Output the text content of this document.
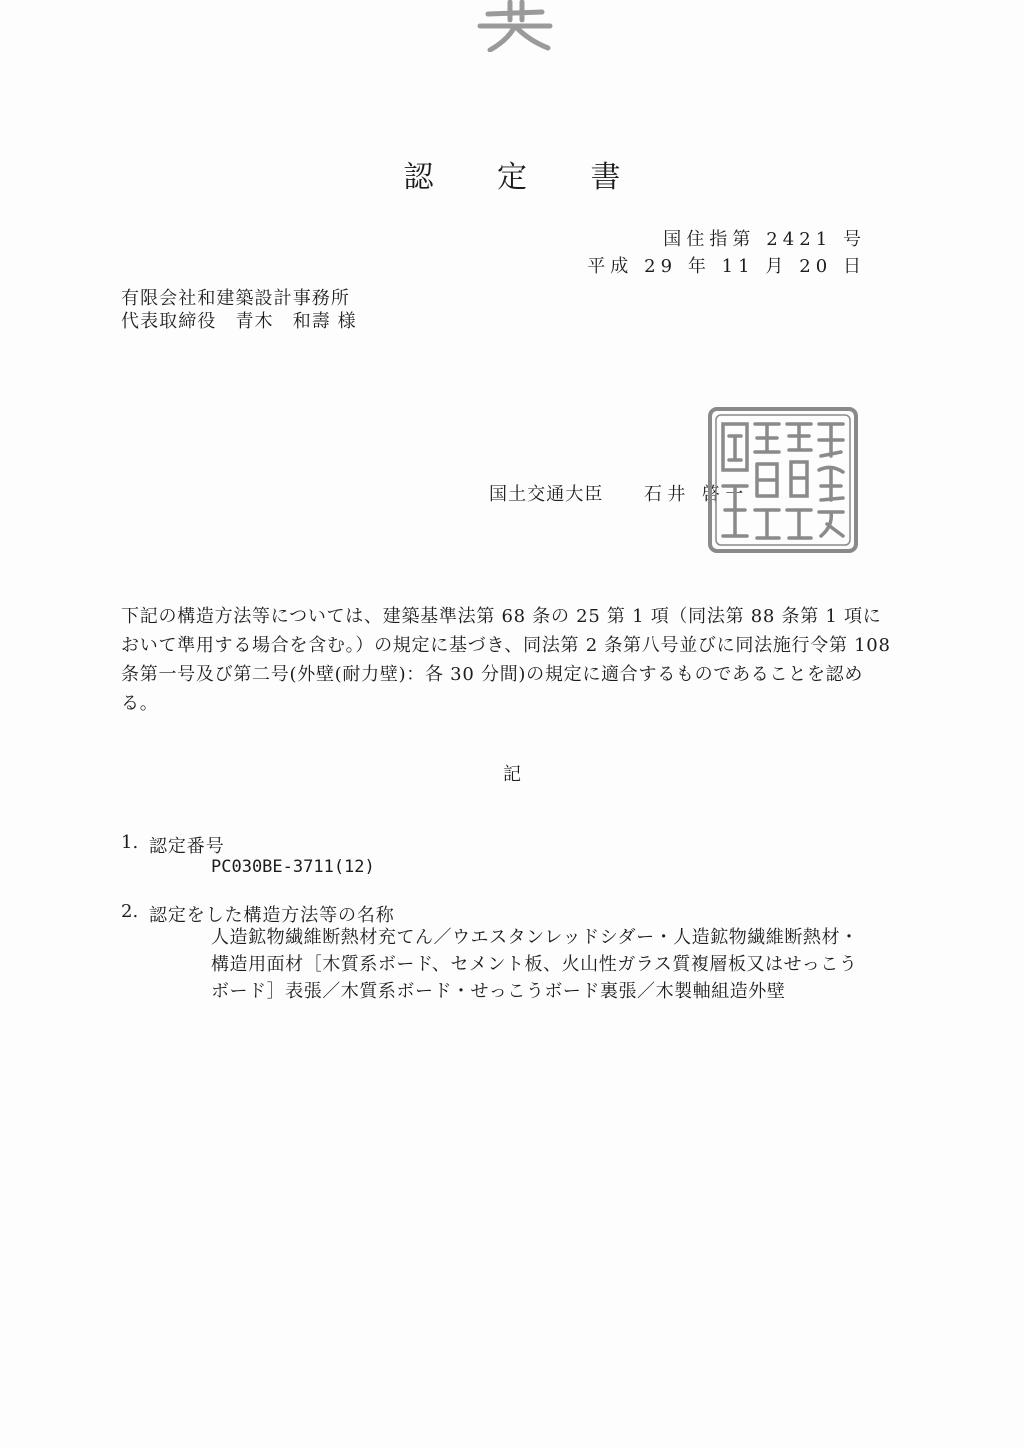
認 定 書
国住指第 2421 号
平成 29 年 11 月 20 日
有限会社和建築設計事務所
代表取締役　青木　和壽 様
国土交通大臣 石井 啓一
下記の構造方法等については、建築基準法第 68 条の 25 第 1 項（同法第 88 条第 1 項において準用する場合を含む。）の規定に基づき、同法第 2 条第八号並びに同法施行令第 108 条第一号及び第二号(外壁(耐力壁)：各 30 分間)の規定に適合するものであることを認める。
記
1. 認定番号
PC030BE-3711(12)
2. 認定をした構造方法等の名称
人造鉱物繊維断熱材充てん／ウエスタンレッドシダー・人造鉱物繊維断熱材・構造用面材［木質系ボード、セメント板、火山性ガラス質複層板又はせっこうボード］表張／木質系ボード・せっこうボード裏張／木製軸組造外壁
